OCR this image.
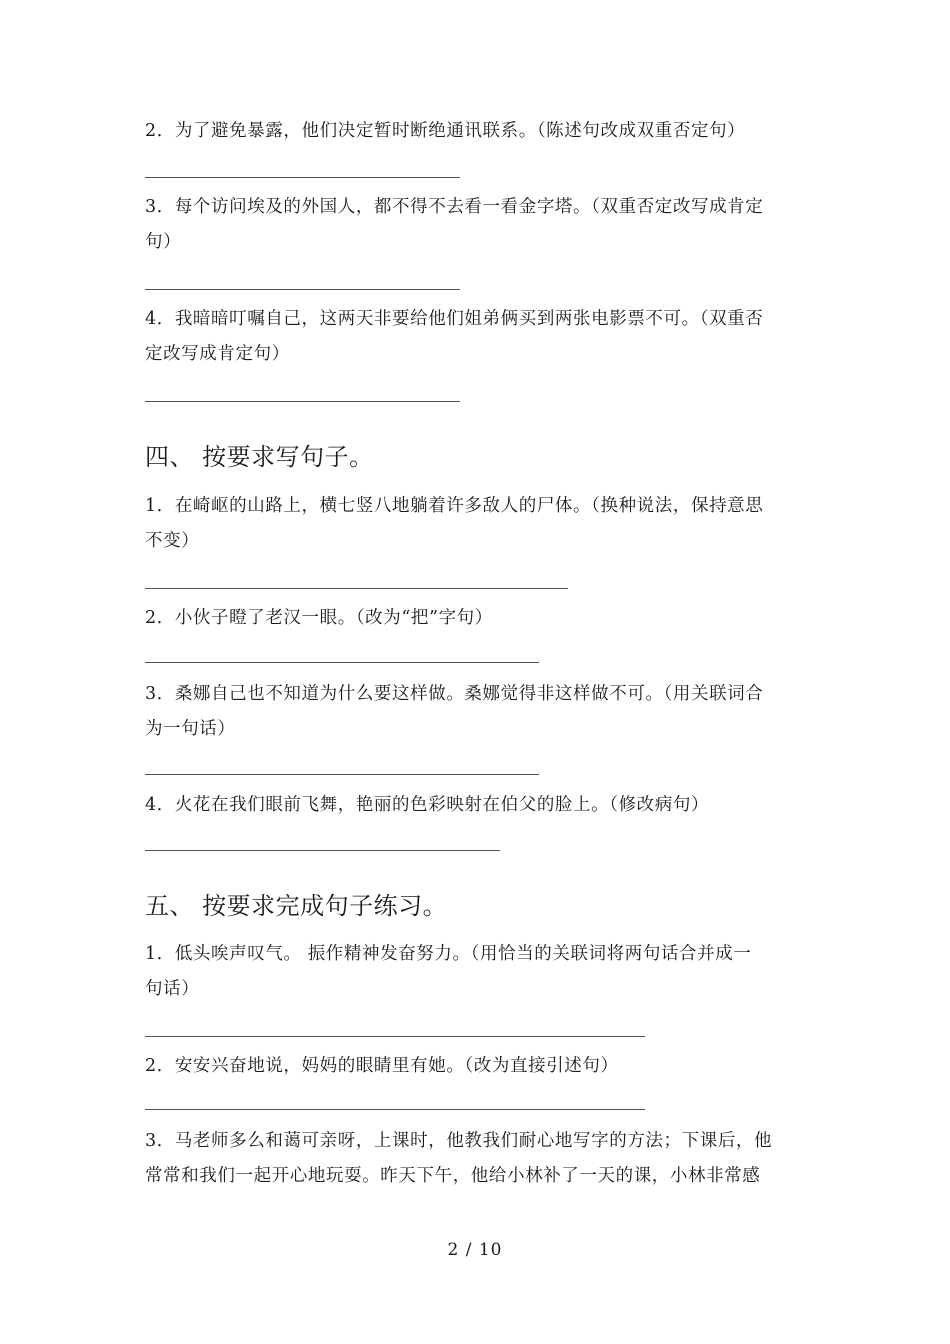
2．为了避免暴露，他们决定暂时断绝通讯联系。（陈述句改成双重否定句）
3．每个访问埃及的外国人，都不得不去看一看金字塔。（双重否定改写成肯定
句）
4．我暗暗叮嘱自己，这两天非要给他们姐弟俩买到两张电影票不可。（双重否
定改写成肯定句）
四、 按要求写句子。
1．在崎岖的山路上，横七竖八地躺着许多敌人的尸体。（换种说法，保持意思
不变）
2．小伙子瞪了老汉一眼。（改为“把”字句）
3．桑娜自己也不知道为什么要这样做。桑娜觉得非这样做不可。（用关联词合
为一句话）
4．火花在我们眼前飞舞，艳丽的色彩映射在伯父的脸上。（修改病句）
五、 按要求完成句子练习。
1．低头唉声叹气。 振作精神发奋努力。（用恰当的关联词将两句话合并成一
句话）
2．安安兴奋地说，妈妈的眼睛里有她。（改为直接引述句）
3．马老师多么和蔼可亲呀，上课时，他教我们耐心地写字的方法；下课后，他
常常和我们一起开心地玩耍。昨天下午，他给小林补了一天的课，小林非常感
2 / 10
